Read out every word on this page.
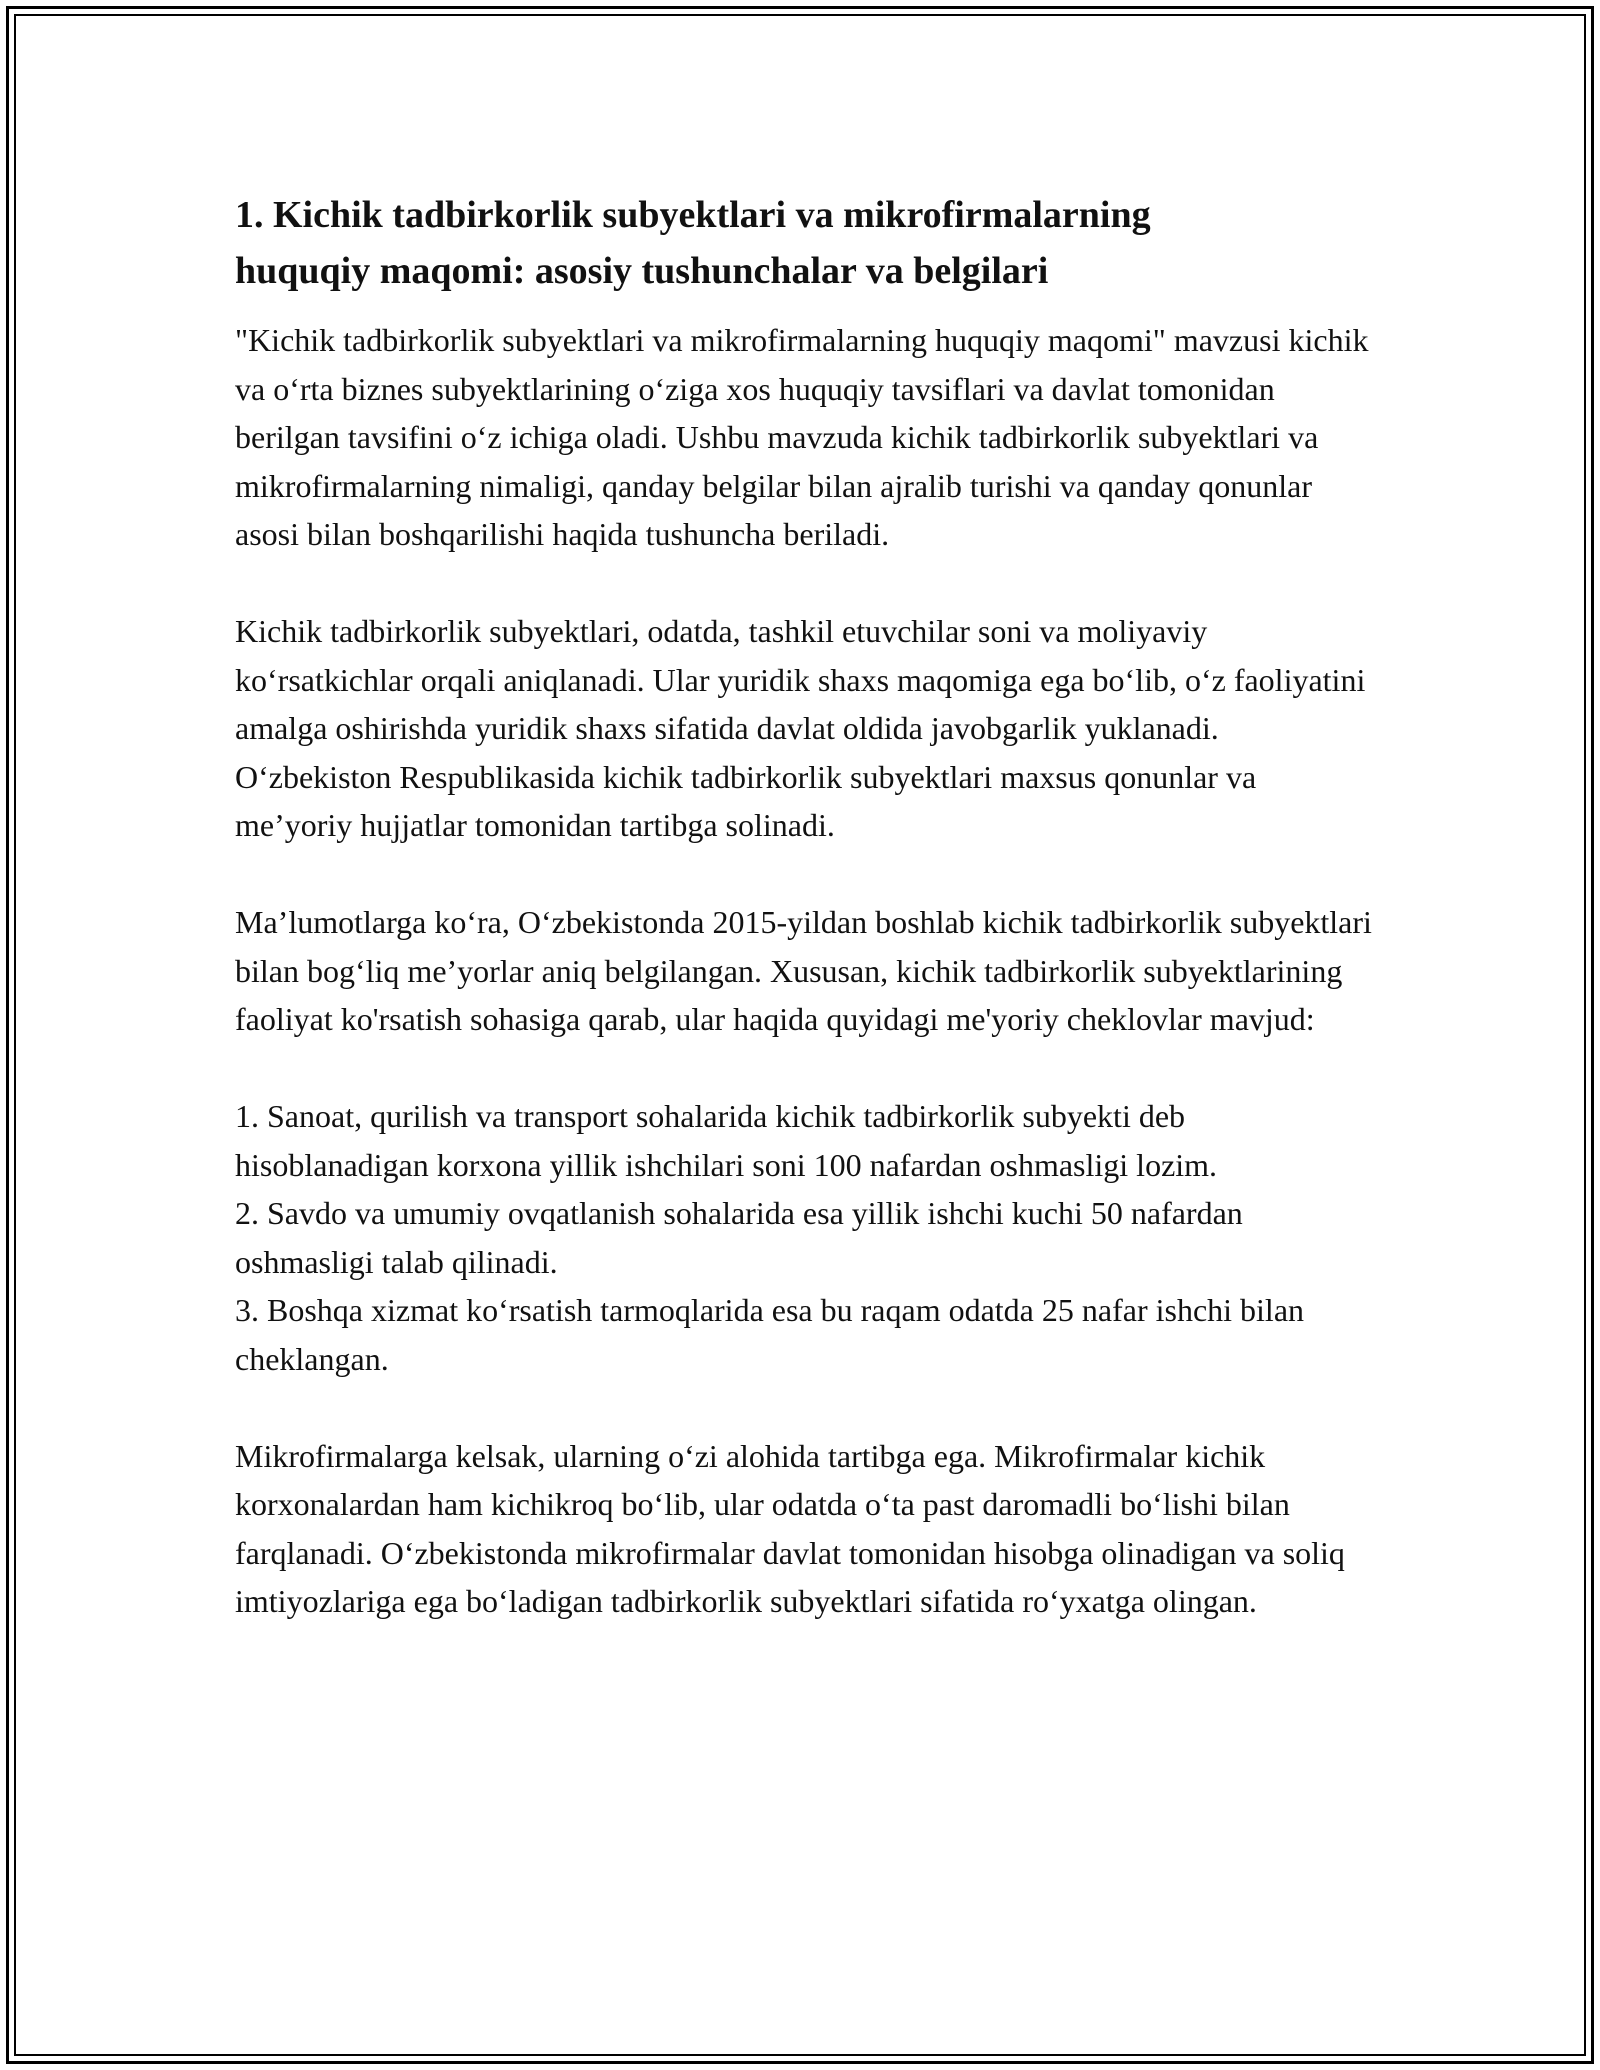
1. Kichik tadbirkorlik subyektlari va mikrofirmalarning
huquqiy maqomi: asosiy tushunchalar va belgilari

"Kichik tadbirkorlik subyektlari va mikrofirmalarning huquqiy maqomi" mavzusi kichik va o‘rta biznes subyektlarining o‘ziga xos huquqiy tavsiflari va davlat tomonidan berilgan tavsifini o‘z ichiga oladi. Ushbu mavzuda kichik tadbirkorlik subyektlari va mikrofirmalarning nimaligi, qanday belgilar bilan ajralib turishi va qanday qonunlar asosi bilan boshqarilishi haqida tushuncha beriladi.

Kichik tadbirkorlik subyektlari, odatda, tashkil etuvchilar soni va moliyaviy ko‘rsatkichlar orqali aniqlanadi. Ular yuridik shaxs maqomiga ega bo‘lib, o‘z faoliyatini amalga oshirishda yuridik shaxs sifatida davlat oldida javobgarlik yuklanadi. O‘zbekiston Respublikasida kichik tadbirkorlik subyektlari maxsus qonunlar va me’yoriy hujjatlar tomonidan tartibga solinadi.

Ma’lumotlarga ko‘ra, O‘zbekistonda 2015-yildan boshlab kichik tadbirkorlik subyektlari bilan bog‘liq me’yorlar aniq belgilangan. Xususan, kichik tadbirkorlik subyektlarining faoliyat ko'rsatish sohasiga qarab, ular haqida quyidagi me'yoriy cheklovlar mavjud:

1. Sanoat, qurilish va transport sohalarida kichik tadbirkorlik subyekti deb hisoblanadigan korxona yillik ishchilari soni 100 nafardan oshmasligi lozim.

2. Savdo va umumiy ovqatlanish sohalarida esa yillik ishchi kuchi 50 nafardan oshmasligi talab qilinadi.

3. Boshqa xizmat ko‘rsatish tarmoqlarida esa bu raqam odatda 25 nafar ishchi bilan cheklangan.

Mikrofirmalarga kelsak, ularning o‘zi alohida tartibga ega. Mikrofirmalar kichik korxonalardan ham kichikroq bo‘lib, ular odatda o‘ta past daromadli bo‘lishi bilan farqlanadi. O‘zbekistonda mikrofirmalar davlat tomonidan hisobga olinadigan va soliq imtiyozlariga ega bo‘ladigan tadbirkorlik subyektlari sifatida ro‘yxatga olingan.
